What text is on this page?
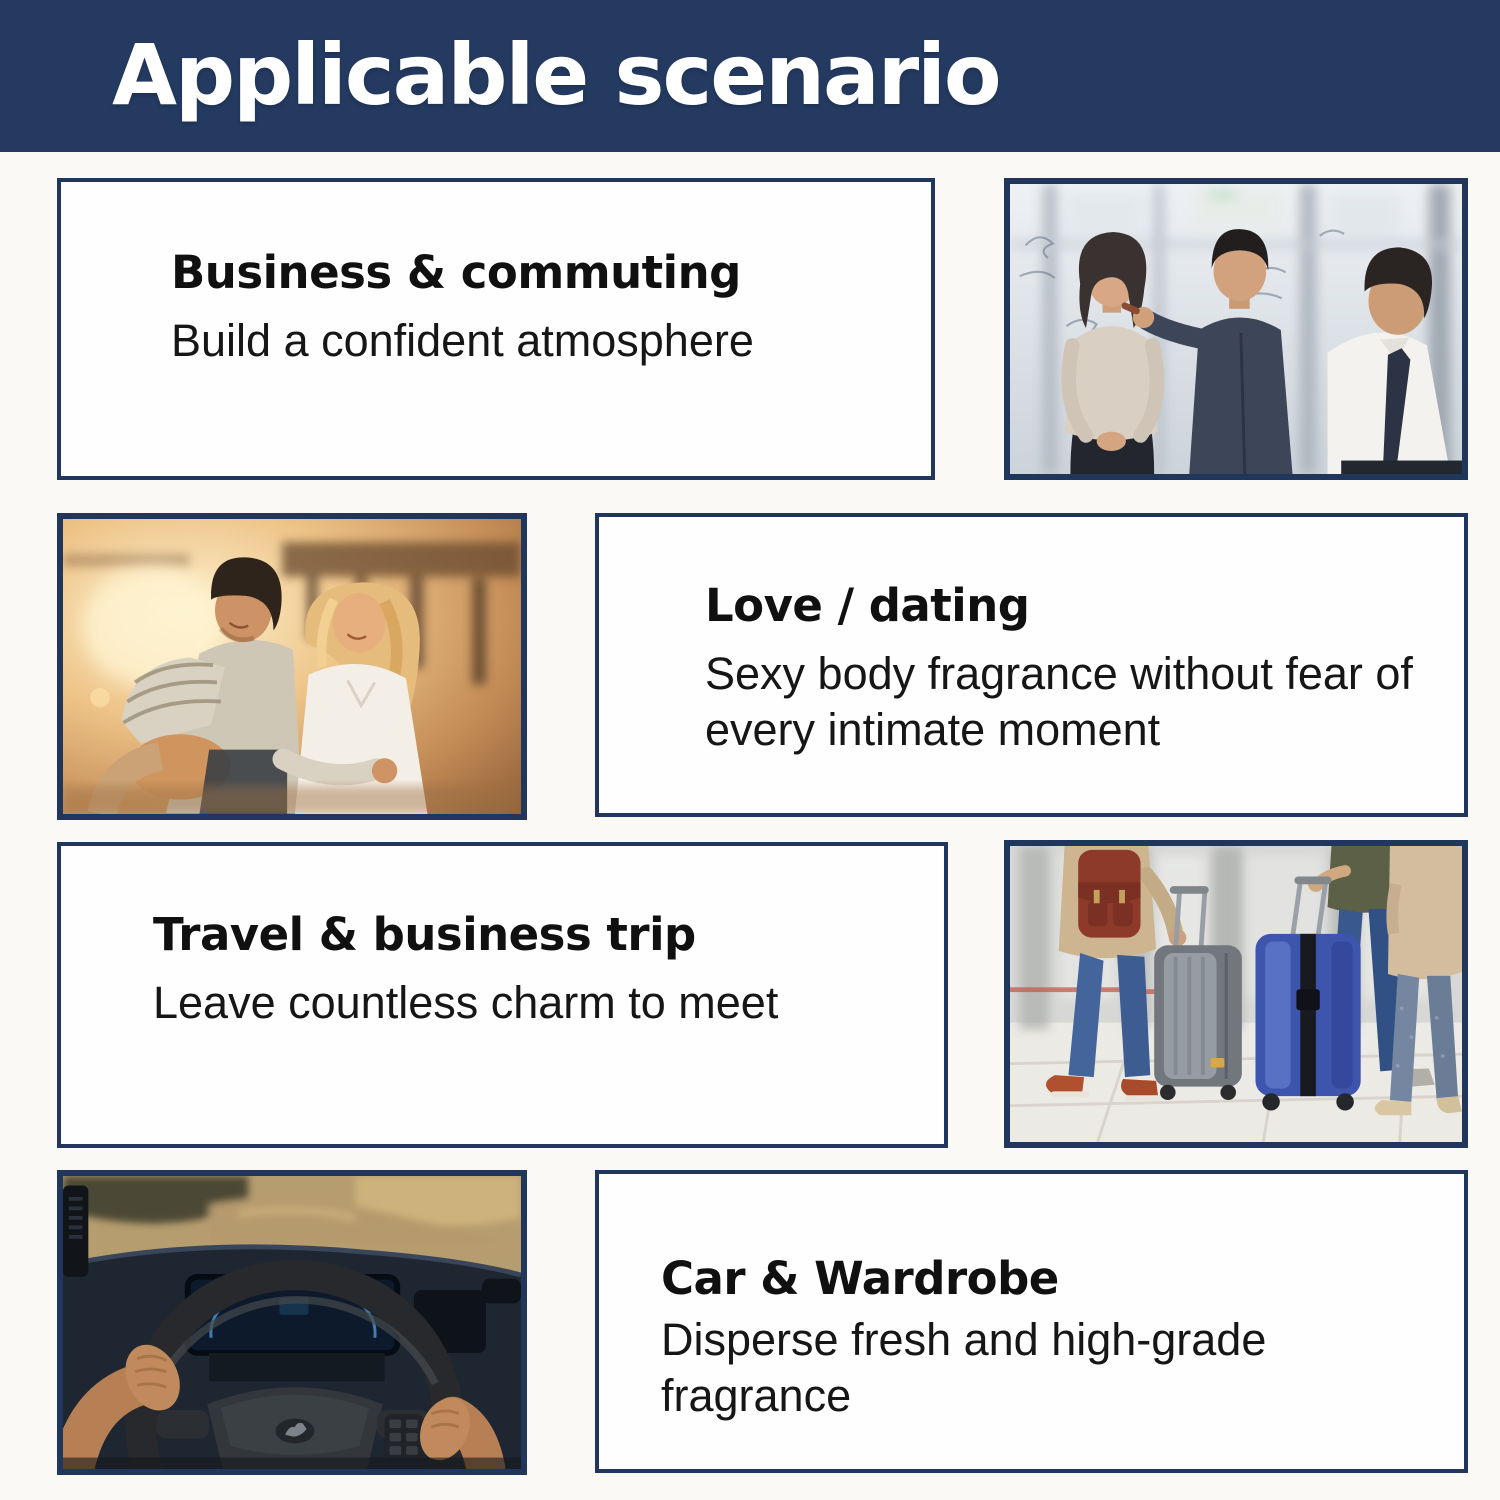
Applicable scenario
Business & commuting

Build a confident atmosphere

Love / dating

Sexy body fragrance without fear of every intimate moment

Travel & business trip

Leave countless charm to meet

Car & Wardrobe

Disperse fresh and high-grade fragrance
